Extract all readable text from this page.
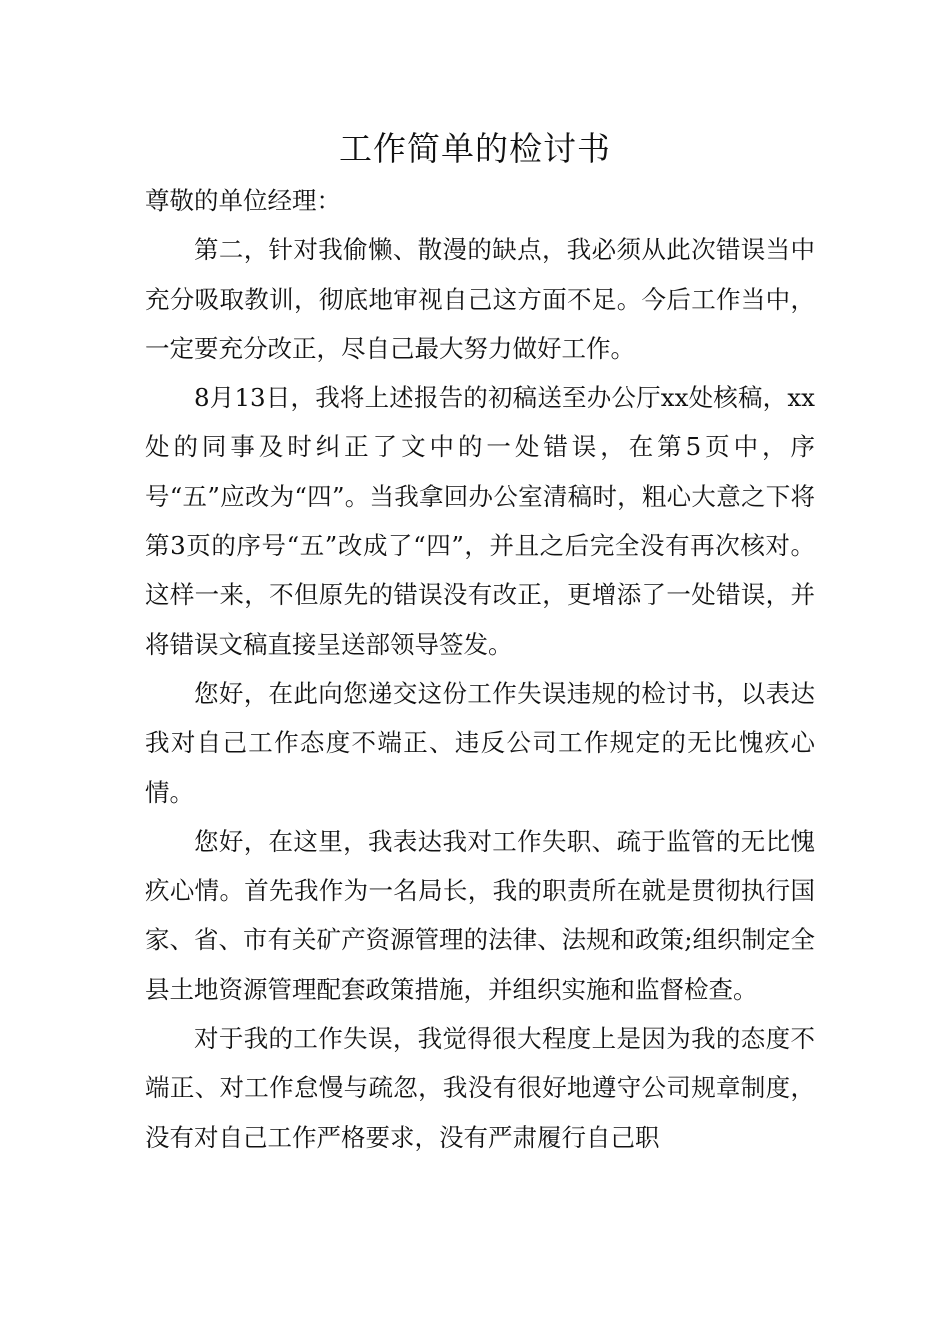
工作简单的检讨书

尊敬的单位经理：

第二，针对我偷懒、散漫的缺点，我必须从此次错误当中充分吸取教训，彻底地审视自己这方面不足。今后工作当中，一定要充分改正，尽自己最大努力做好工作。

8月13日，我将上述报告的初稿送至办公厅xx处核稿，xx处的同事及时纠正了文中的一处错误，在第5页中，序号“五”应改为“四”。当我拿回办公室清稿时，粗心大意之下将第3页的序号“五”改成了“四”，并且之后完全没有再次核对。这样一来，不但原先的错误没有改正，更增添了一处错误，并将错误文稿直接呈送部领导签发。

您好，在此向您递交这份工作失误违规的检讨书，以表达我对自己工作态度不端正、违反公司工作规定的无比愧疚心情。

您好，在这里，我表达我对工作失职、疏于监管的无比愧疚心情。首先我作为一名局长，我的职责所在就是贯彻执行国家、省、市有关矿产资源管理的法律、法规和政策;组织制定全县土地资源管理配套政策措施，并组织实施和监督检查。

对于我的工作失误，我觉得很大程度上是因为我的态度不端正、对工作怠慢与疏忽，我没有很好地遵守公司规章制度，没有对自己工作严格要求，没有严肃履行自己职
